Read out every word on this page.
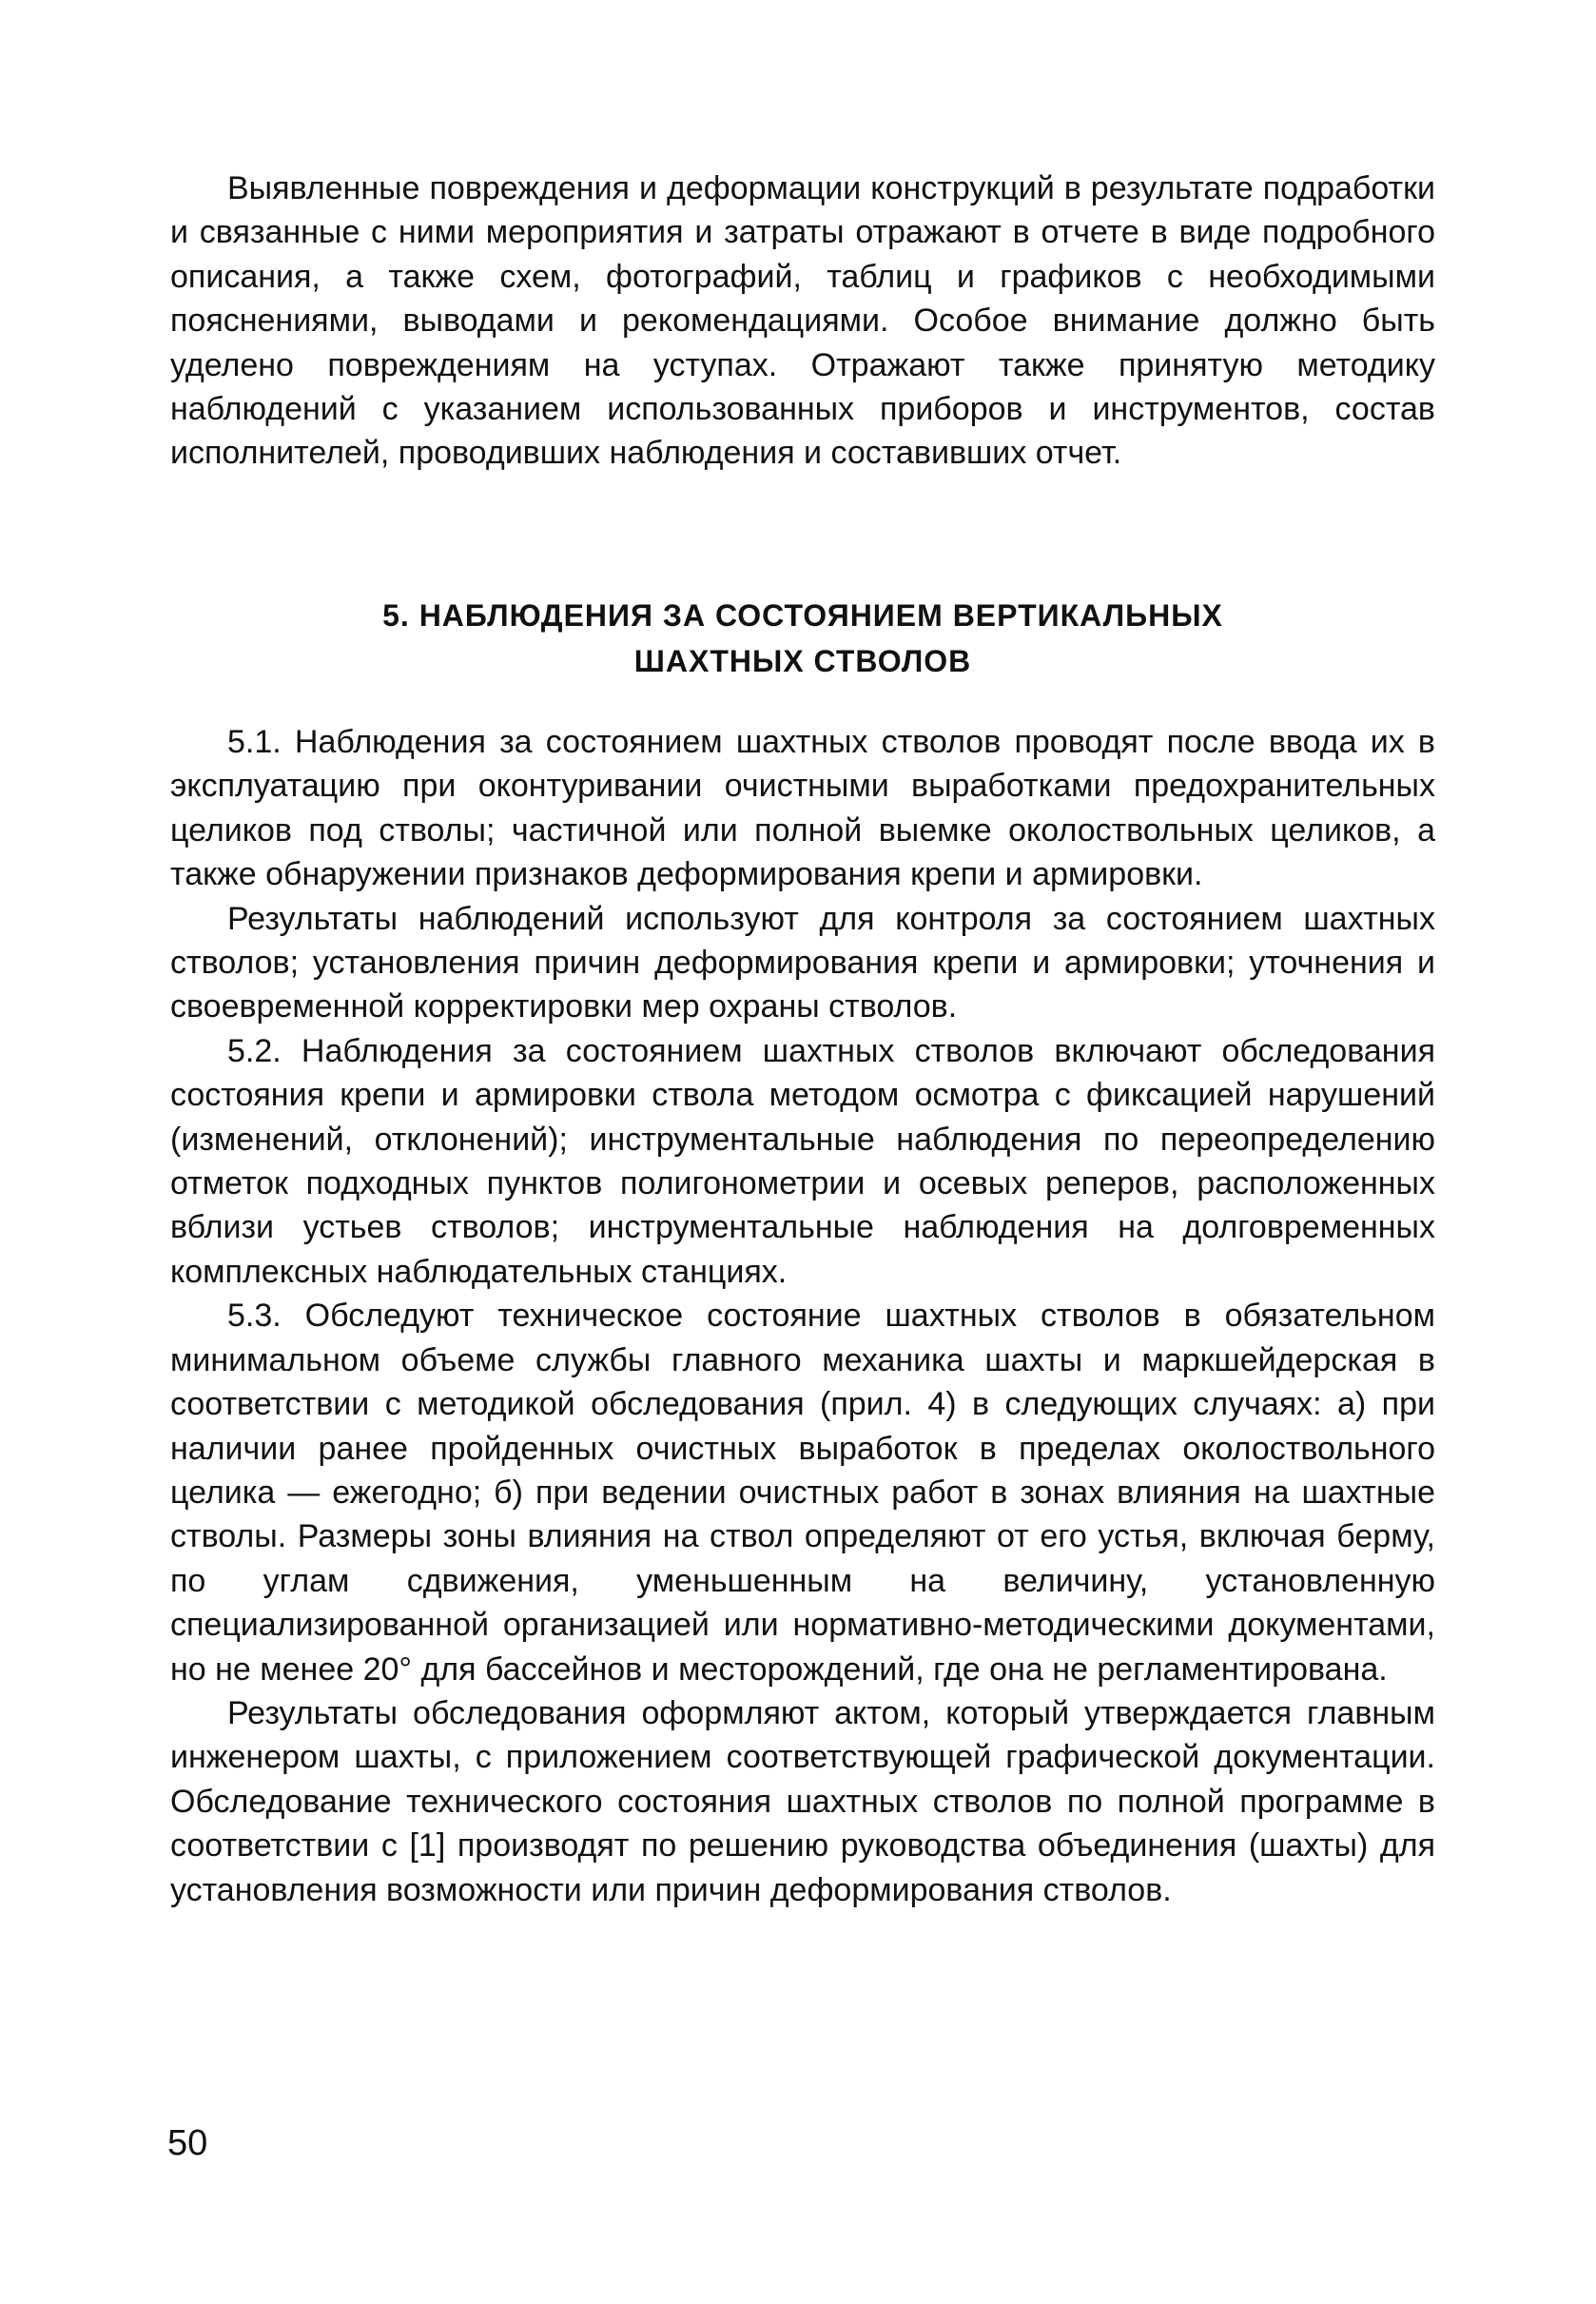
Выявленные повреждения и деформации конструкций в результате подработки и связанные с ними мероприятия и затраты отражают в отчете в виде подробного описания, а также схем, фотографий, таблиц и графиков с необходимыми пояснениями, выводами и рекомендациями. Особое внимание должно быть уделено повреждениям на уступах. Отражают также принятую методику наблюдений с указанием использованных приборов и инструментов, состав исполнителей, проводивших наблюдения и составивших отчет.

5. НАБЛЮДЕНИЯ ЗА СОСТОЯНИЕМ ВЕРТИКАЛЬНЫХ
ШАХТНЫХ СТВОЛОВ

5.1. Наблюдения за состоянием шахтных стволов проводят после ввода их в эксплуатацию при оконтуривании очистными выработками предохранительных целиков под стволы; частичной или полной выемке околоствольных целиков, а также обнаружении признаков деформирования крепи и армировки.

Результаты наблюдений используют для контроля за состоянием шахтных стволов; установления причин деформирования крепи и армировки; уточнения и своевременной корректировки мер охраны стволов.

5.2. Наблюдения за состоянием шахтных стволов включают обследования состояния крепи и армировки ствола методом осмотра с фиксацией нарушений (изменений, отклонений); инструментальные наблюдения по переопределению отметок подходных пунктов полигонометрии и осевых реперов, расположенных вблизи устьев стволов; инструментальные наблюдения на долговременных комплексных наблюдательных станциях.

5.3. Обследуют техническое состояние шахтных стволов в обязательном минимальном объеме службы главного механика шахты и маркшейдерская в соответствии с методикой обследования (прил. 4) в следующих случаях: а) при наличии ранее пройденных очистных выработок в пределах околоствольного целика — ежегодно; б) при ведении очистных работ в зонах влияния на шахтные стволы. Размеры зоны влияния на ствол определяют от его устья, включая берму, по углам сдвижения, уменьшенным на величину, установленную специализированной организацией или нормативно-методическими документами, но не менее 20° для бассейнов и месторождений, где она не регламентирована.

Результаты обследования оформляют актом, который утверждается главным инженером шахты, с приложением соответствующей графической документации. Обследование технического состояния шахтных стволов по полной программе в соответствии с [1] производят по решению руководства объединения (шахты) для установления возможности или причин деформирования стволов.

50
